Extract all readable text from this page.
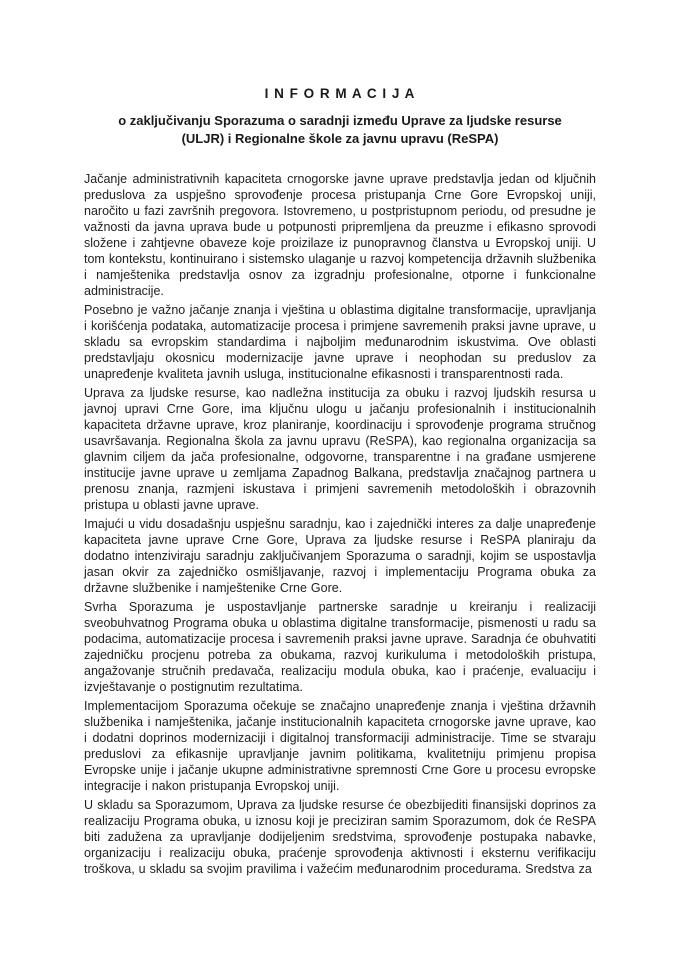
I N F O R M A C I J A
o zaključivanju Sporazuma o saradnji između Uprave za ljudske resurse
(ULJR) i Regionalne škole za javnu upravu (ReSPA)

Jačanje administrativnih kapaciteta crnogorske javne uprave predstavlja jedan od ključnih preduslova za uspješno sprovođenje procesa pristupanja Crne Gore Evropskoj uniji, naročito u fazi završnih pregovora. Istovremeno, u postpristupnom periodu, od presudne je važnosti da javna uprava bude u potpunosti pripremljena da preuzme i efikasno sprovodi složene i zahtjevne obaveze koje proizilaze iz punopravnog članstva u Evropskoj uniji. U tom kontekstu, kontinuirano i sistemsko ulaganje u razvoj kompetencija državnih službenika i namještenika predstavlja osnov za izgradnju profesionalne, otporne i funkcionalne administracije.

Posebno je važno jačanje znanja i vještina u oblastima digitalne transformacije, upravljanja i korišćenja podataka, automatizacije procesa i primjene savremenih praksi javne uprave, u skladu sa evropskim standardima i najboljim međunarodnim iskustvima. Ove oblasti predstavljaju okosnicu modernizacije javne uprave i neophodan su preduslov za unapređenje kvaliteta javnih usluga, institucionalne efikasnosti i transparentnosti rada.

Uprava za ljudske resurse, kao nadležna institucija za obuku i razvoj ljudskih resursa u javnoj upravi Crne Gore, ima ključnu ulogu u jačanju profesionalnih i institucionalnih kapaciteta državne uprave, kroz planiranje, koordinaciju i sprovođenje programa stručnog usavršavanja. Regionalna škola za javnu upravu (ReSPA), kao regionalna organizacija sa glavnim ciljem da jača profesionalne, odgovorne, transparentne i na građane usmjerene institucije javne uprave u zemljama Zapadnog Balkana, predstavlja značajnog partnera u prenosu znanja, razmjeni iskustava i primjeni savremenih metodoloških i obrazovnih pristupa u oblasti javne uprave.

Imajući u vidu dosadašnju uspješnu saradnju, kao i zajednički interes za dalje unapređenje kapaciteta javne uprave Crne Gore, Uprava za ljudske resurse i ReSPA planiraju da dodatno intenziviraju saradnju zaključivanjem Sporazuma o saradnji, kojim se uspostavlja jasan okvir za zajedničko osmišljavanje, razvoj i implementaciju Programa obuka za državne službenike i namještenike Crne Gore.

Svrha Sporazuma je uspostavljanje partnerske saradnje u kreiranju i realizaciji sveobuhvatnog Programa obuka u oblastima digitalne transformacije, pismenosti u radu sa podacima, automatizacije procesa i savremenih praksi javne uprave. Saradnja će obuhvatiti zajedničku procjenu potreba za obukama, razvoj kurikuluma i metodoloških pristupa, angažovanje stručnih predavača, realizaciju modula obuka, kao i praćenje, evaluaciju i izvještavanje o postignutim rezultatima.

Implementacijom Sporazuma očekuje se značajno unapređenje znanja i vještina državnih službenika i namještenika, jačanje institucionalnih kapaciteta crnogorske javne uprave, kao i dodatni doprinos modernizaciji i digitalnoj transformaciji administracije. Time se stvaraju preduslovi za efikasnije upravljanje javnim politikama, kvalitetniju primjenu propisa Evropske unije i jačanje ukupne administrativne spremnosti Crne Gore u procesu evropske integracije i nakon pristupanja Evropskoj uniji.

U skladu sa Sporazumom, Uprava za ljudske resurse će obezbijediti finansijski doprinos za realizaciju Programa obuka, u iznosu koji je preciziran samim Sporazumom, dok će ReSPA biti zadužena za upravljanje dodijeljenim sredstvima, sprovođenje postupaka nabavke, organizaciju i realizaciju obuka, praćenje sprovođenja aktivnosti i eksternu verifikaciju troškova, u skladu sa svojim pravilima i važećim međunarodnim procedurama. Sredstva za
